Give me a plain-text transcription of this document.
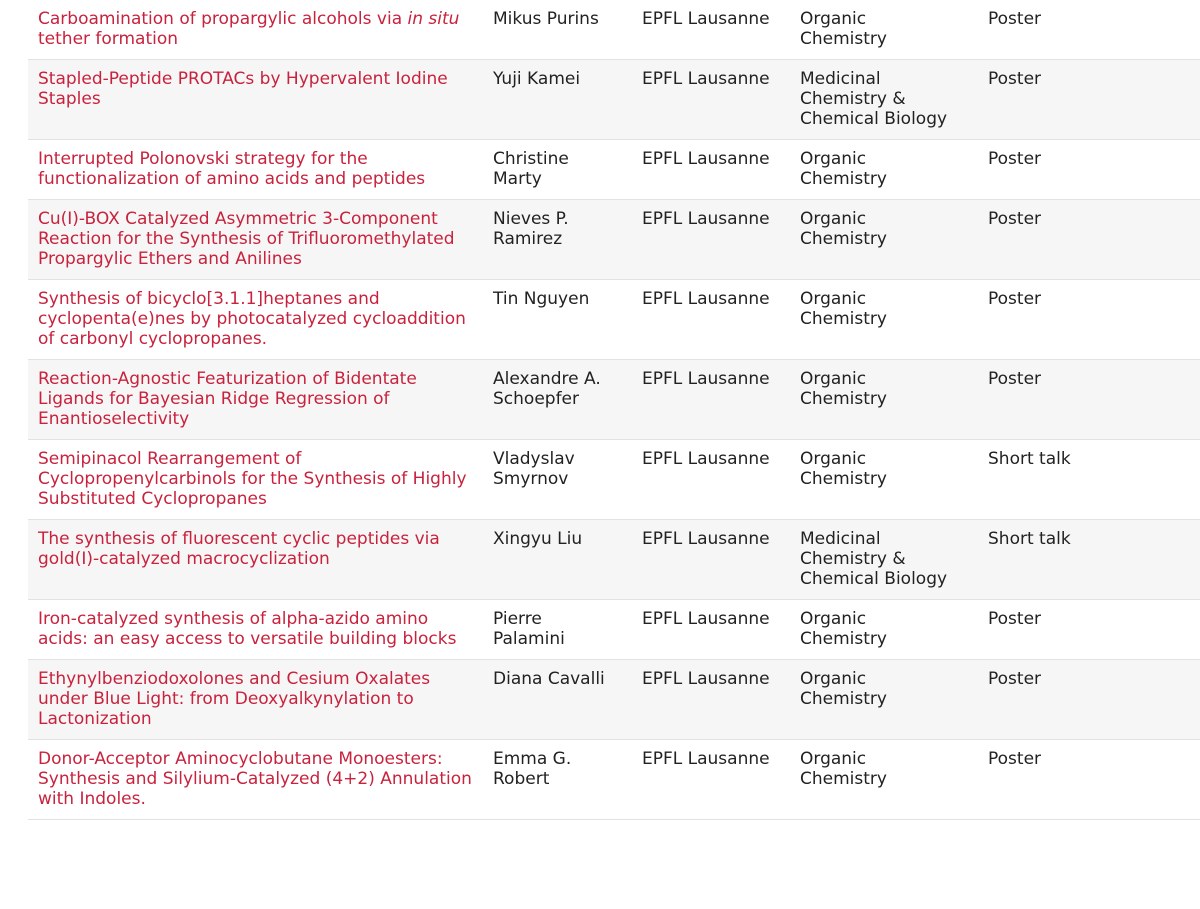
Carboamination of propargylic alcohols via in situ tether formation	Mikus Purins	EPFL Lausanne	Organic Chemistry	Poster
Stapled-Peptide PROTACs by Hypervalent Iodine Staples	Yuji Kamei	EPFL Lausanne	Medicinal Chemistry & Chemical Biology	Poster
Interrupted Polonovski strategy for the functionalization of amino acids and peptides	Christine Marty	EPFL Lausanne	Organic Chemistry	Poster
Cu(I)-BOX Catalyzed Asymmetric 3-Component Reaction for the Synthesis of Trifluoromethylated Propargylic Ethers and Anilines	Nieves P. Ramirez	EPFL Lausanne	Organic Chemistry	Poster
Synthesis of bicyclo[3.1.1]heptanes and cyclopenta(e)nes by photocatalyzed cycloaddition of carbonyl cyclopropanes.	Tin Nguyen	EPFL Lausanne	Organic Chemistry	Poster
Reaction-Agnostic Featurization of Bidentate Ligands for Bayesian Ridge Regression of Enantioselectivity	Alexandre A. Schoepfer	EPFL Lausanne	Organic Chemistry	Poster
Semipinacol Rearrangement of Cyclopropenylcarbinols for the Synthesis of Highly Substituted Cyclopropanes	Vladyslav Smyrnov	EPFL Lausanne	Organic Chemistry	Short talk
The synthesis of fluorescent cyclic peptides via gold(I)-catalyzed macrocyclization	Xingyu Liu	EPFL Lausanne	Medicinal Chemistry & Chemical Biology	Short talk
Iron-catalyzed synthesis of alpha-azido amino acids: an easy access to versatile building blocks	Pierre Palamini	EPFL Lausanne	Organic Chemistry	Poster
Ethynylbenziodoxolones and Cesium Oxalates under Blue Light: from Deoxyalkynylation to Lactonization	Diana Cavalli	EPFL Lausanne	Organic Chemistry	Poster
Donor-Acceptor Aminocyclobutane Monoesters: Synthesis and Silylium-Catalyzed (4+2) Annulation with Indoles.	Emma G. Robert	EPFL Lausanne	Organic Chemistry	Poster
